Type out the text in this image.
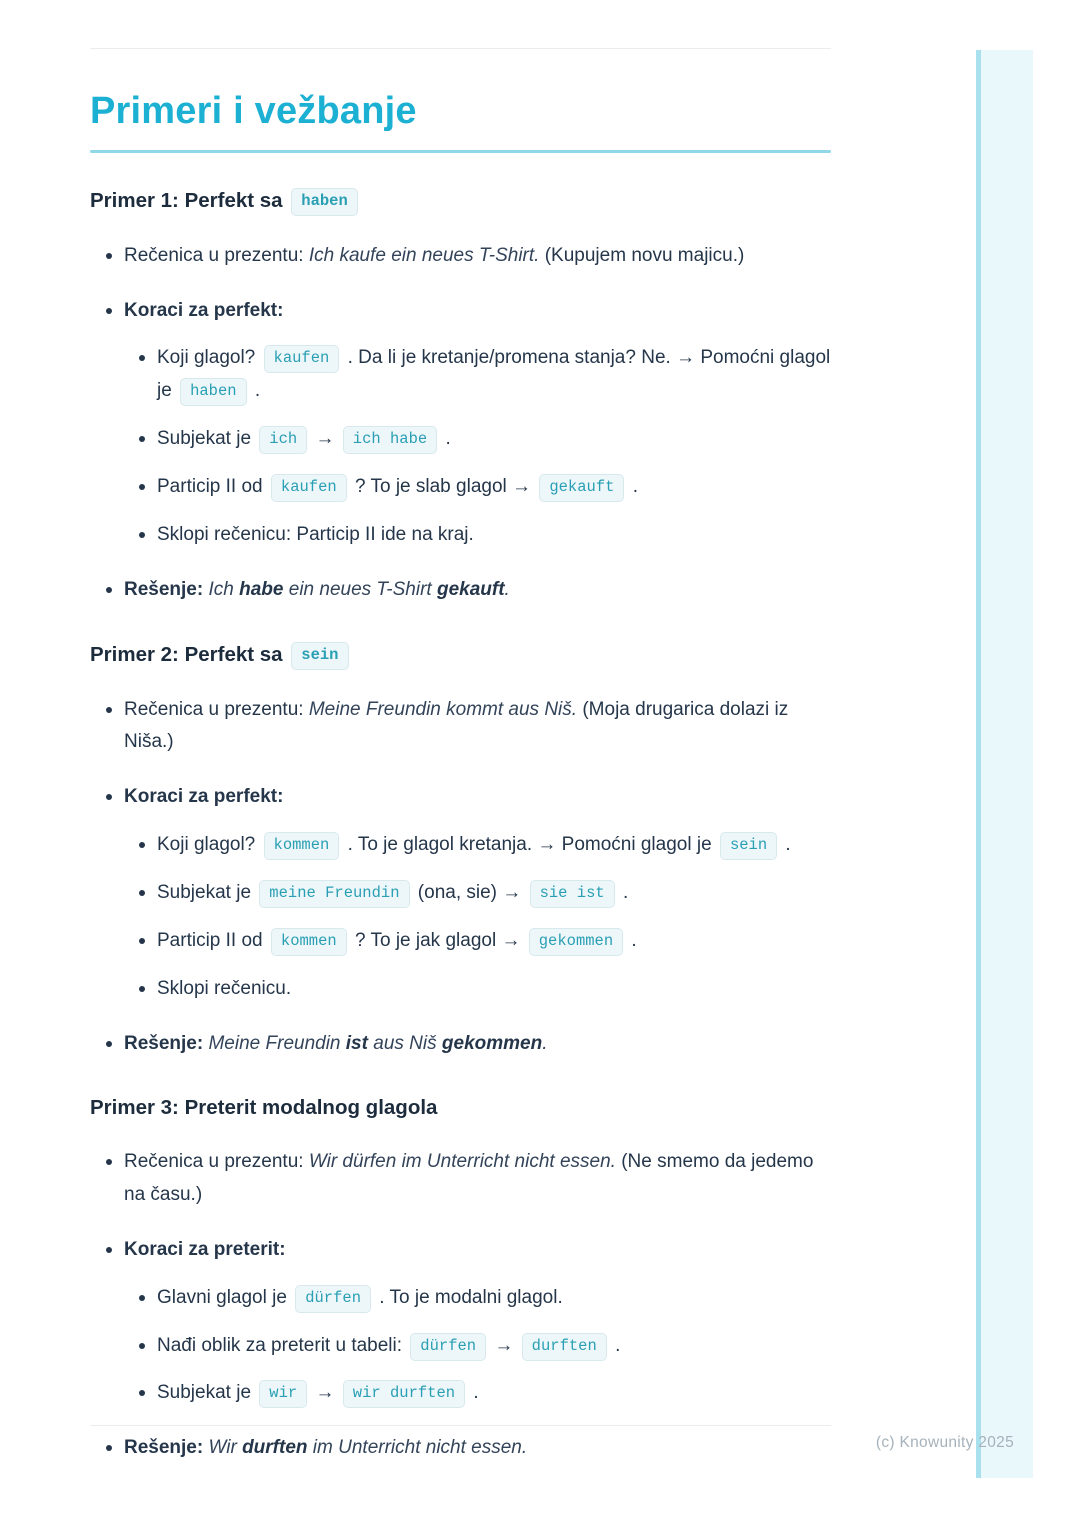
Primeri i vežbanje
Primer 1: Perfekt sa haben

Rečenica u prezentu: Ich kaufe ein neues T-Shirt. (Kupujem novu majicu.)

Koraci za perfekt:

Koji glagol? kaufen . Da li je kretanje/promena stanja? Ne. → Pomoćni glagol je haben .

Subjekat je ich → ich habe .

Particip II od kaufen ? To je slab glagol → gekauft .

Sklopi rečenicu: Particip II ide na kraj.

Rešenje: Ich habe ein neues T-Shirt gekauft.

Primer 2: Perfekt sa sein

Rečenica u prezentu: Meine Freundin kommt aus Niš. (Moja drugarica dolazi iz Niša.)

Koraci za perfekt:

Koji glagol? kommen . To je glagol kretanja. → Pomoćni glagol je sein .

Subjekat je meine Freundin (ona, sie) → sie ist .

Particip II od kommen ? To je jak glagol → gekommen .

Sklopi rečenicu.

Rešenje: Meine Freundin ist aus Niš gekommen.

Primer 3: Preterit modalnog glagola

Rečenica u prezentu: Wir dürfen im Unterricht nicht essen. (Ne smemo da jedemo na času.)

Koraci za preterit:

Glavni glagol je dürfen . To je modalni glagol.

Nađi oblik za preterit u tabeli: dürfen → durften .

Subjekat je wir → wir durften .

Rešenje: Wir durften im Unterricht nicht essen.	(c) Knowunity 2025
